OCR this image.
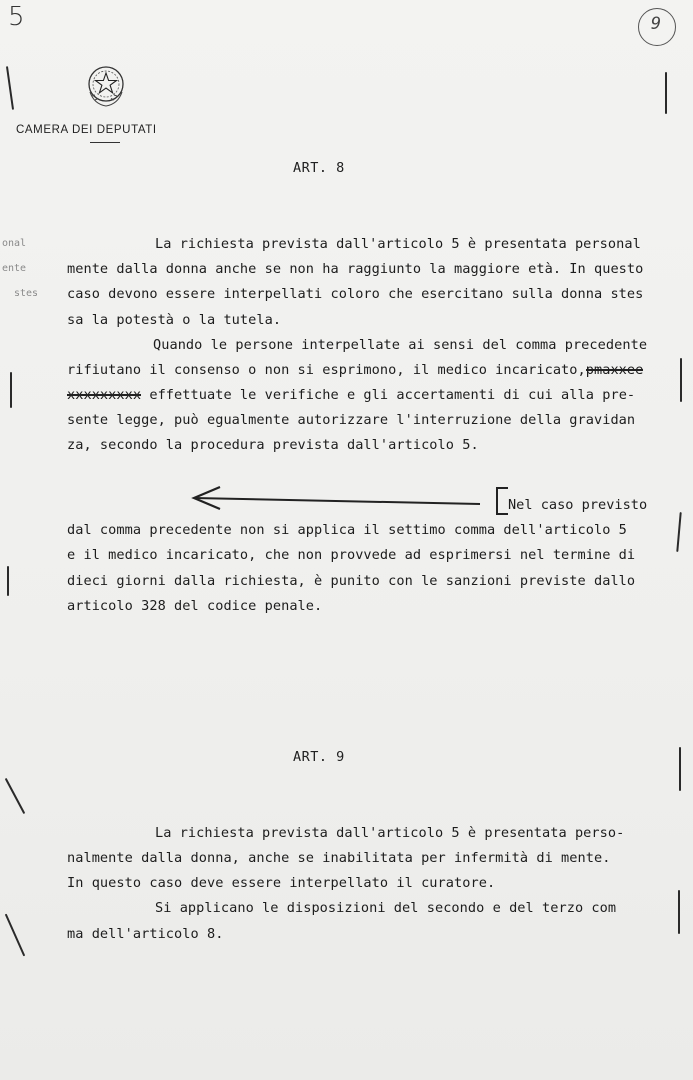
5	9
CAMERA DEI DEPUTATI
onal
ente
stes
ART. 8
La richiesta prevista dall'articolo 5 è presentata personal
mente dalla donna anche se non ha raggiunto la maggiore età. In questo
caso devono essere interpellati coloro che esercitano sulla donna stes
sa la potestà o la tutela.
Quando le persone interpellate ai sensi del comma precedente
rifiutano il consenso o non si esprimono, il medico incaricato,pmaxxee
xxxxxxxxx effettuate le verifiche e gli accertamenti di cui alla pre-
sente legge, può egualmente autorizzare l'interruzione della gravidan
za, secondo la procedura prevista dall'articolo 5.
Nel caso previsto
dal comma precedente non si applica il settimo comma dell'articolo 5
e il medico incaricato, che non provvede ad esprimersi nel termine di
dieci giorni dalla richiesta, è punito con le sanzioni previste dallo
articolo 328 del codice penale.
ART. 9
La richiesta prevista dall'articolo 5 è presentata perso-
nalmente dalla donna, anche se inabilitata per infermità di mente.
In questo caso deve essere interpellato il curatore.
Si applicano le disposizioni del secondo e del terzo com
ma dell'articolo 8.
